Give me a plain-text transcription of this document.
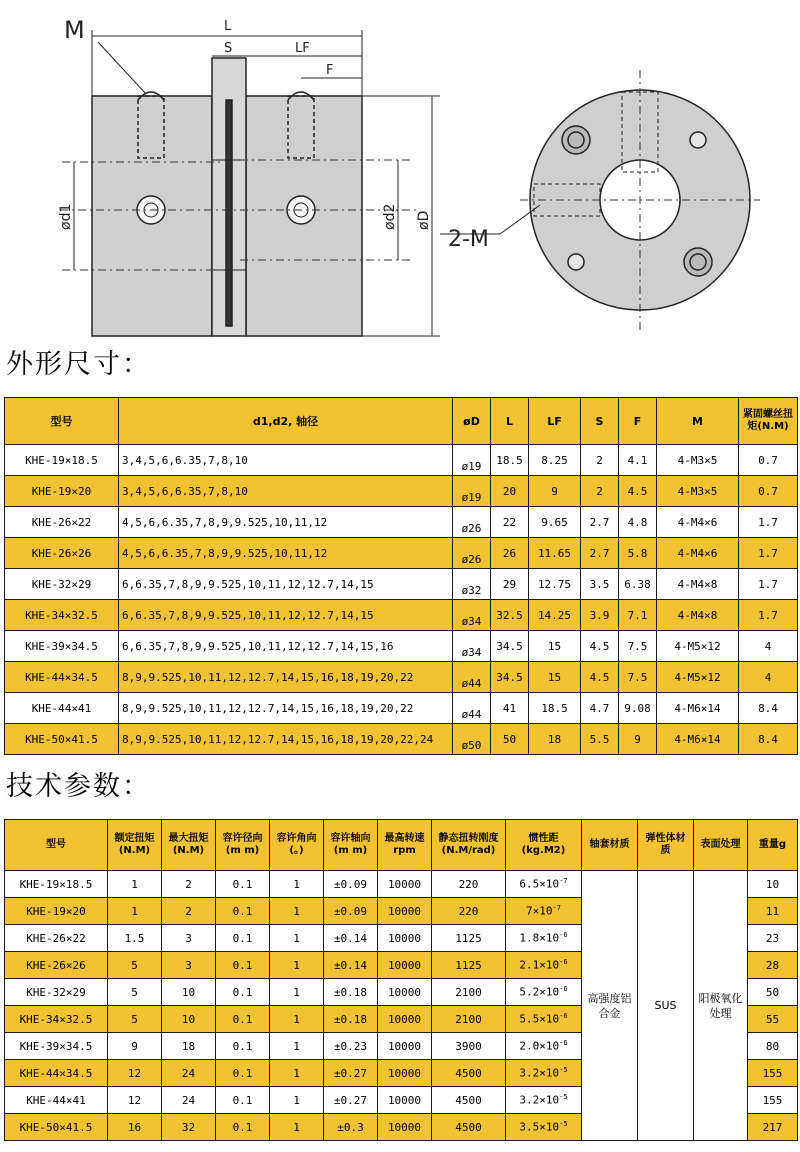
M	L
S	LF
F
ød1	ød2 øD
2-M
外形尺寸：
型号	d1,d2, 轴径	øD	L	LF	S	F	M	紧固螺丝扭矩(N.M)
KHE-19×18.5	3,4,5,6,6.35,7,8,10	ø19	18.5	8.25	2	4.1	4-M3×5	0.7
KHE-19×20	3,4,5,6,6.35,7,8,10	ø19	20	9	2	4.5	4-M3×5	0.7
KHE-26×22	4,5,6,6.35,7,8,9,9.525,10,11,12	ø26	22	9.65	2.7	4.8	4-M4×6	1.7
KHE-26×26	4,5,6,6.35,7,8,9,9.525,10,11,12	ø26	26	11.65	2.7	5.8	4-M4×6	1.7
KHE-32×29	6,6.35,7,8,9,9.525,10,11,12,12.7,14,15	ø32	29	12.75	3.5	6.38	4-M4×8	1.7
KHE-34×32.5	6,6.35,7,8,9,9.525,10,11,12,12.7,14,15	ø34	32.5	14.25	3.9	7.1	4-M4×8	1.7
KHE-39×34.5	6,6.35,7,8,9,9.525,10,11,12,12.7,14,15,16	ø34	34.5	15	4.5	7.5	4-M5×12	4
KHE-44×34.5	8,9,9.525,10,11,12,12.7,14,15,16,18,19,20,22	ø44	34.5	15	4.5	7.5	4-M5×12	4
KHE-44×41	8,9,9.525,10,11,12,12.7,14,15,16,18,19,20,22	ø44	41	18.5	4.7	9.08	4-M6×14	8.4
KHE-50×41.5	8,9,9.525,10,11,12,12.7,14,15,16,18,19,20,22,24	ø50	50	18	5.5	9	4-M6×14	8.4
技术参数：
型号	额定扭矩(N.M)	最大扭矩(N.M)	容许径向(m m)	容许角向(。)	容许轴向(m m)	最高转速rpm	静态扭转刚度(N.M/rad)	惯性距(kg.M2)	轴套材质	弹性体材质	表面处理	重量g
KHE-19×18.5	1	2	0.1	1	±0.09	10000	220	$6.5\times 10^{-7}$	高强度铝合金	SUS	阳极氧化处理	10
KHE-19×20	1	2	0.1	1	±0.09	10000	220	$7\times 10^{-7}$				11
KHE-26×22	1.5	3	0.1	1	±0.14	10000	1125	$1.8\times 10^{-6}$				23
KHE-26×26	5	3	0.1	1	±0.14	10000	1125	$2.1\times 10^{-6}$				28
KHE-32×29	5	10	0.1	1	±0.18	10000	2100	$5.2\times 10^{-6}$				50
KHE-34×32.5	5	10	0.1	1	±0.18	10000	2100	$5.5\times 10^{-6}$				55
KHE-39×34.5	9	18	0.1	1	±0.23	10000	3900	$2.0\times 10^{-6}$				80
KHE-44×34.5	12	24	0.1	1	±0.27	10000	4500	$3.2\times 10^{-5}$				155
KHE-44×41	12	24	0.1	1	±0.27	10000	4500	$3.2\times 10^{-5}$				155
KHE-50×41.5	16	32	0.1	1	±0.3	10000	4500	$3.5\times 10^{-5}$				217
